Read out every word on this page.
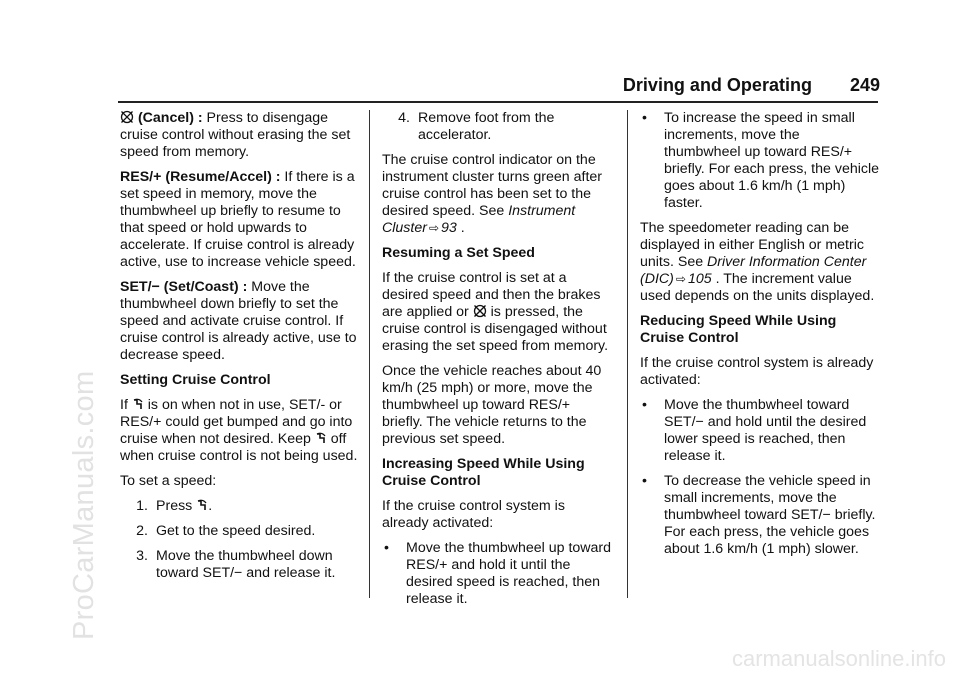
Driving and Operating 249
ProCarManuals.com
carmanualsonline.info

(Cancel) : Press to disengage cruise control without erasing the set speed from memory.

RES/+ (Resume/Accel) : If there is a set speed in memory, move the thumbwheel up briefly to resume to that speed or hold upwards to accelerate. If cruise control is already active, use to increase vehicle speed.

SET/− (Set/Coast) : Move the thumbwheel down briefly to set the speed and activate cruise control. If cruise control is already active, use to decrease speed.

Setting Cruise Control

If
is on when not in use, SET/- or RES/+ could get bumped and go into cruise when not desired. Keep
off when cruise control is not being used.

To set a speed:

1. Press
.
2. Get to the speed desired.
3. Move the thumbwheel down toward SET/− and release it.
4. Remove foot from the accelerator.

The cruise control indicator on the instrument cluster turns green after cruise control has been set to the desired speed. See Instrument Cluster ⇨ 93 .

Resuming a Set Speed

If the cruise control is set at a desired speed and then the brakes are applied or
is pressed, the cruise control is disengaged without erasing the set speed from memory.

Once the vehicle reaches about 40 km/h (25 mph) or more, move the thumbwheel up toward RES/+ briefly. The vehicle returns to the previous set speed.

Increasing Speed While Using Cruise Control

If the cruise control system is already activated:

•	Move the thumbwheel up toward RES/+ and hold it until the desired speed is reached, then release it.
•	To increase the speed in small increments, move the thumbwheel up toward RES/+ briefly. For each press, the vehicle goes about 1.6 km/h (1 mph) faster.

The speedometer reading can be displayed in either English or metric units. See Driver Information Center (DIC) ⇨ 105 . The increment value used depends on the units displayed.

Reducing Speed While Using Cruise Control

If the cruise control system is already activated:

•	Move the thumbwheel toward SET/− and hold until the desired lower speed is reached, then release it.
•	To decrease the vehicle speed in small increments, move the thumbwheel toward SET/− briefly. For each press, the vehicle goes about 1.6 km/h (1 mph) slower.
